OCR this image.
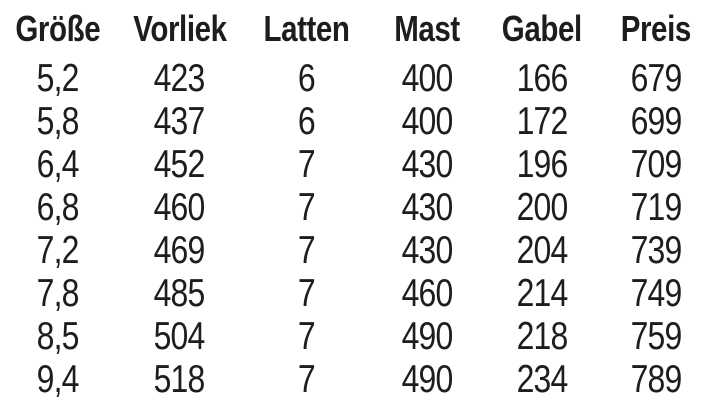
Größe Vorliek Latten Mast Gabel Preis
5,2 423 6 400 166 679
5,8 437 6 400 172 699
6,4 452 7 430 196 709
6,8 460 7 430 200 719
7,2 469 7 430 204 739
7,8 485 7 460 214 749
8,5 504 7 490 218 759
9,4 518 7 490 234 789
